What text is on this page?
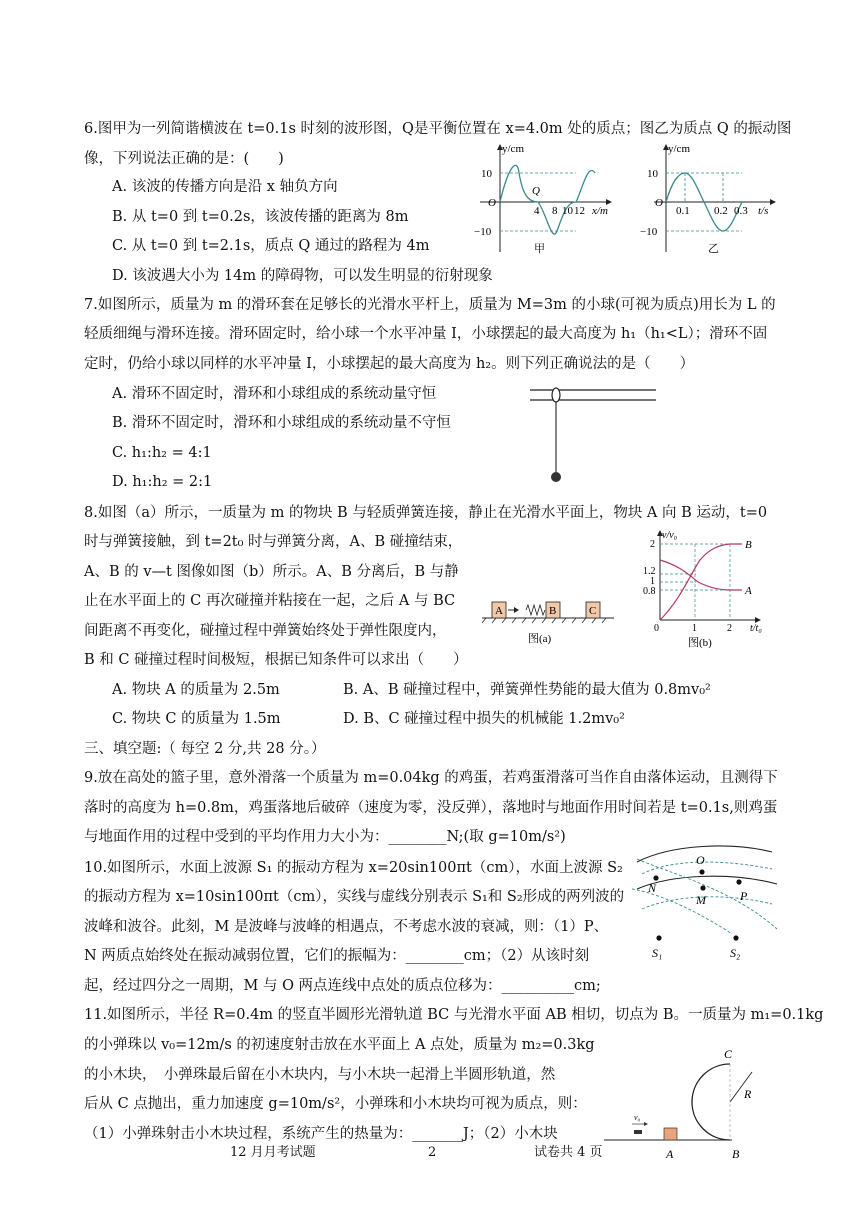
6.图甲为一列简谐横波在 t=0.1s 时刻的波形图，Q是平衡位置在 x=4.0m 处的质点；图乙为质点 Q 的振动图
像，下列说法正确的是：(　　)
A. 该波的传播方向是沿 x 轴负方向
B. 从 t=0 到 t=0.2s，该波传播的距离为 8m
C. 从 t=0 到 t=2.1s，质点 Q 通过的路程为 4m
D. 该波遇大小为 14m 的障碍物，可以发生明显的衍射现象
y/cm
10
−10
O
4 8 10 12 x/m
Q
甲
y/cm
10
−10
O
0.1 0.2 0.3 t/s
乙
7.如图所示，质量为 m 的滑环套在足够长的光滑水平杆上，质量为 M=3m 的小球(可视为质点)用长为 L 的
轻质细绳与滑环连接。滑环固定时，给小球一个水平冲量 I，小球摆起的最大高度为 h₁（h₁<L）；滑环不固
定时，仍给小球以同样的水平冲量 I，小球摆起的最大高度为 h₂。则下列正确说法的是（　　）
A. 滑环不固定时，滑环和小球组成的系统动量守恒
B. 滑环不固定时，滑环和小球组成的系统动量不守恒
C. h₁:h₂ = 4:1
D. h₁:h₂ = 2:1
8.如图（a）所示，一质量为 m 的物块 B 与轻质弹簧连接，静止在光滑水平面上，物块 A 向 B 运动，t=0
时与弹簧接触，到 t=2t₀ 时与弹簧分离，A、B 碰撞结束，
A、B 的 v—t 图像如图（b）所示。A、B 分离后，B 与静
止在水平面上的 C 再次碰撞并粘接在一起，之后 A 与 BC
间距离不再变化，碰撞过程中弹簧始终处于弹性限度内，
B 和 C 碰撞过程时间极短，根据已知条件可以求出（　　）
A. 物块 A 的质量为 2.5m	B. A、B 碰撞过程中，弹簧弹性势能的最大值为 0.8mv₀²
C. 物块 C 的质量为 1.5m	D. B、C 碰撞过程中损失的机械能 1.2mv₀²
A	B	C
图(a)
v/v₀
2
1.2
1
0.8
0	1	2 t/t₀
B
A
图(b)
三、填空题:（ 每空 2 分,共 28 分。）
9.放在高处的篮子里，意外滑落一个质量为 m=0.04kg 的鸡蛋，若鸡蛋滑落可当作自由落体运动，且测得下
落时的高度为 h=0.8m，鸡蛋落地后破碎（速度为零，没反弹），落地时与地面作用时间若是 t=0.1s,则鸡蛋
与地面作用的过程中受到的平均作用力大小为：________N;(取 g=10m/s²)
10.如图所示，水面上波源 S₁ 的振动方程为 x=20sin100πt（cm），水面上波源 S₂
的振动方程为 x=10sin100πt（cm），实线与虚线分别表示 S₁和 S₂形成的两列波的
波峰和波谷。此刻，M 是波峰与波峰的相遇点，不考虑水波的衰减，则：（1）P、
N 两质点始终处在振动减弱位置，它们的振幅为：________cm；（2）从该时刻
起，经过四分之一周期，M 与 O 两点连线中点处的质点位移为：__________cm;
O
N
M	P
S₁	S₂
11.如图所示，半径 R=0.4m 的竖直半圆形光滑轨道 BC 与光滑水平面 AB 相切，切点为 B。一质量为 m₁=0.1kg
的小弹珠以 v₀=12m/s 的初速度射击放在水平面上 A 点处，质量为 m₂=0.3kg
的小木块，　小弹珠最后留在小木块内，与小木块一起滑上半圆形轨道，然
后从 C 点抛出，重力加速度 g=10m/s²，小弹珠和小木块均可视为质点，则：
（1）小弹珠射击小木块过程，系统产生的热量为：_______J；（2）小木块
C
R
v₀
A	B
12 月月考试题	2	试卷共 4 页
